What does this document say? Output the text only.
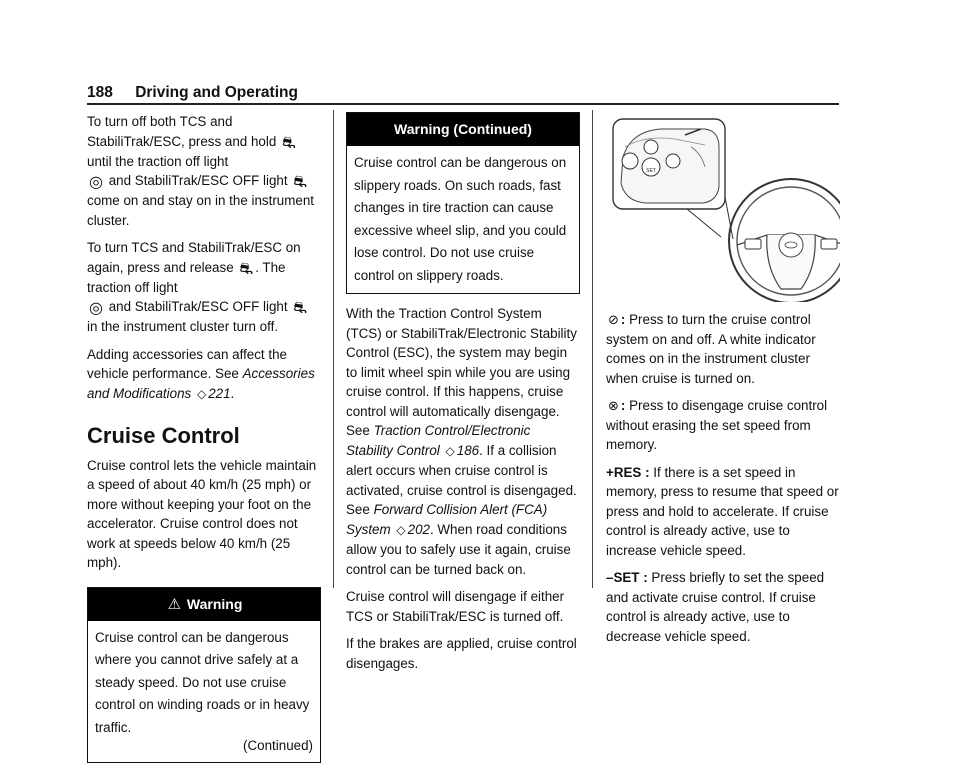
188 Driving and Operating

To turn off both TCS and StabiliTrak/ESC, press and hold ⛐ until the traction off light
◎ and StabiliTrak/ESC OFF light ⛐ come on and stay on in the instrument cluster.

To turn TCS and StabiliTrak/ESC on again, press and release ⛐ . The traction off light
◎ and StabiliTrak/ESC OFF light ⛐ in the instrument cluster turn off.

Adding accessories can affect the vehicle performance. See Accessories and Modifications ◇ 221.

Cruise Control

Cruise control lets the vehicle maintain a speed of about 40 km/h (25 mph) or more without keeping your foot on the accelerator. Cruise control does not work at speeds below 40 km/h (25 mph).

⚠ Warning
Cruise control can be dangerous where you cannot drive safely at a steady speed. Do not use cruise control on winding roads or in heavy traffic.
(Continued)
Warning (Continued)
Cruise control can be dangerous on slippery roads. On such roads, fast changes in tire traction can cause excessive wheel slip, and you could lose control. Do not use cruise control on slippery roads.

With the Traction Control System (TCS) or StabiliTrak/Electronic Stability Control (ESC), the system may begin to limit wheel spin while you are using cruise control. If this happens, cruise control will automatically disengage. See Traction Control/Electronic Stability Control ◇ 186. If a collision alert occurs when cruise control is activated, cruise control is disengaged. See Forward Collision Alert (FCA) System ◇ 202. When road conditions allow you to safely use it again, cruise control can be turned back on.

Cruise control will disengage if either TCS or StabiliTrak/ESC is turned off.

If the brakes are applied, cruise control disengages.

SET

⊘ : Press to turn the cruise control system on and off. A white indicator comes on in the instrument cluster when cruise is turned on.

⊗ : Press to disengage cruise control without erasing the set speed from memory.

+RES : If there is a set speed in memory, press to resume that speed or press and hold to accelerate. If cruise control is already active, use to increase vehicle speed.

–SET : Press briefly to set the speed and activate cruise control. If cruise control is already active, use to decrease vehicle speed.
